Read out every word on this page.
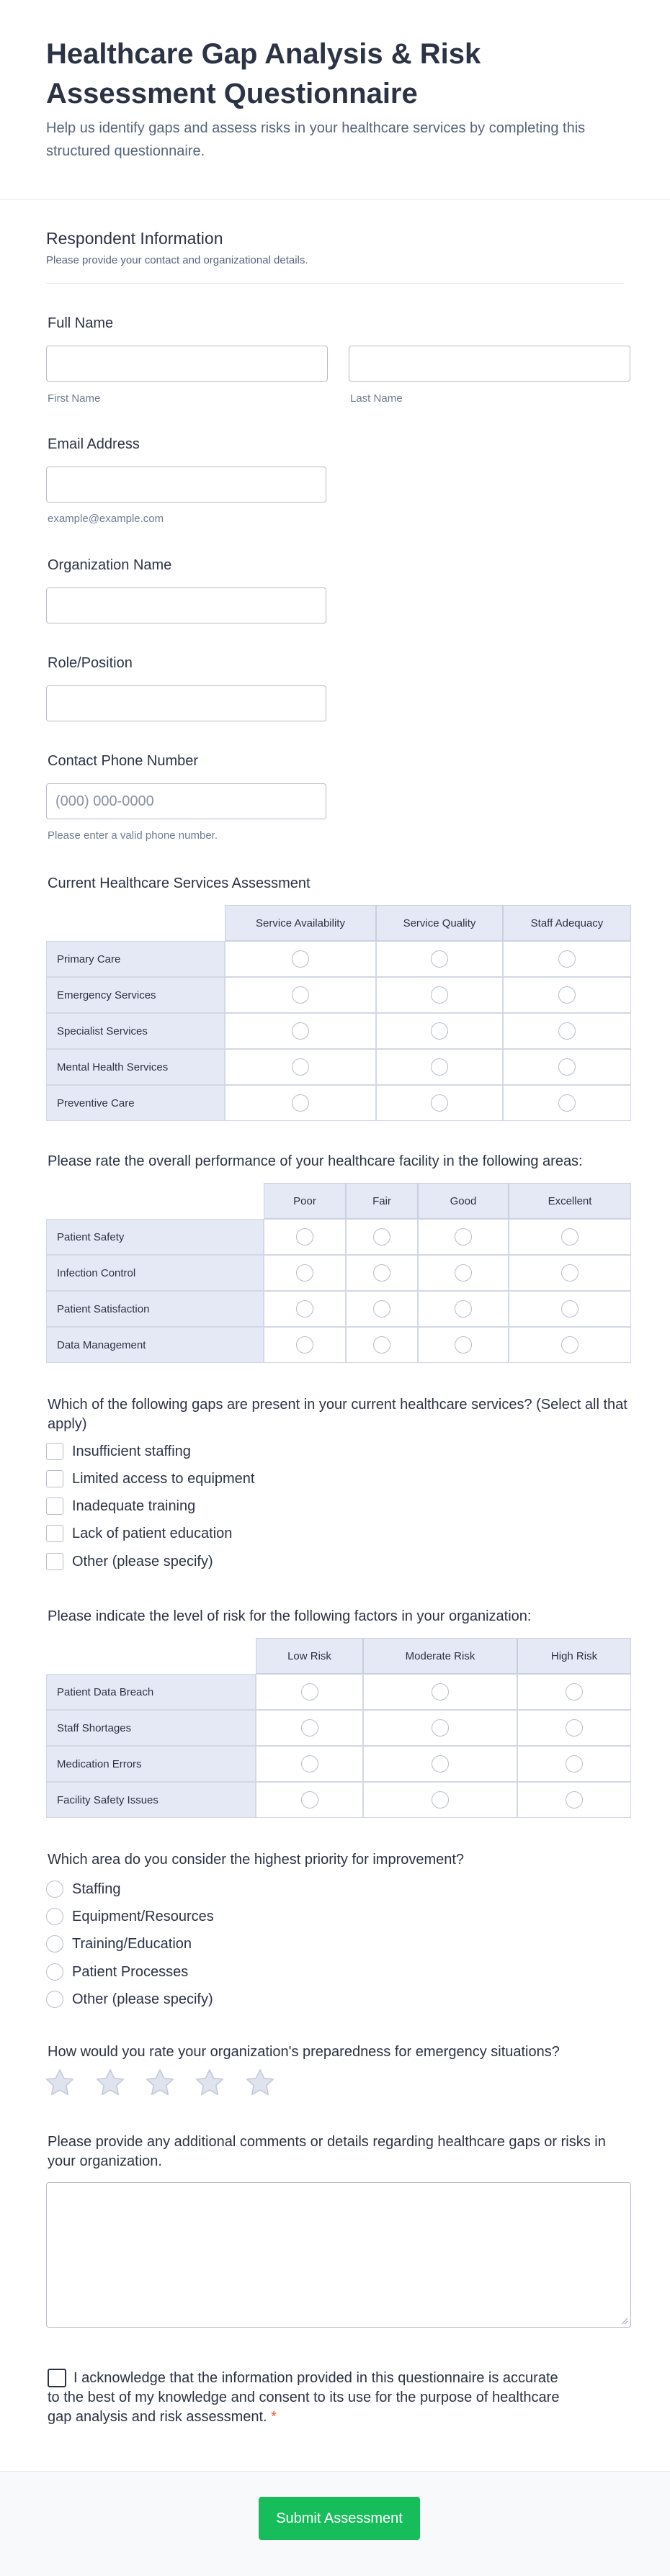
Healthcare Gap Analysis & Risk Assessment Questionnaire

Help us identify gaps and assess risks in your healthcare services by completing this structured questionnaire.

Respondent Information

Please provide your contact and organizational details.

Full Name
First Name	Last Name
Email Address
example@example.com
Organization Name
Role/Position
Contact Phone Number
(000) 000-0000
Please enter a valid phone number.
Current Healthcare Services Assessment
	Service Availability	Service Quality	Staff Adequacy
Primary Care			
Emergency Services			
Specialist Services			
Mental Health Services			
Preventive Care			
Please rate the overall performance of your healthcare facility in the following areas:
	Poor	Fair	Good	Excellent
Patient Safety				
Infection Control				
Patient Satisfaction				
Data Management				
Which of the following gaps are present in your current healthcare services? (Select all that apply)
Insufficient staffing
Limited access to equipment
Inadequate training
Lack of patient education
Other (please specify)
Please indicate the level of risk for the following factors in your organization:
	Low Risk	Moderate Risk	High Risk
Patient Data Breach			
Staff Shortages			
Medication Errors			
Facility Safety Issues			
Which area do you consider the highest priority for improvement?
Staffing
Equipment/Resources
Training/Education
Patient Processes
Other (please specify)
How would you rate your organization's preparedness for emergency situations?
Please provide any additional comments or details regarding healthcare gaps or risks in your organization.
I acknowledge that the information provided in this questionnaire is accurate to the best of my knowledge and consent to its use for the purpose of healthcare gap analysis and risk assessment. *
Submit Assessment
